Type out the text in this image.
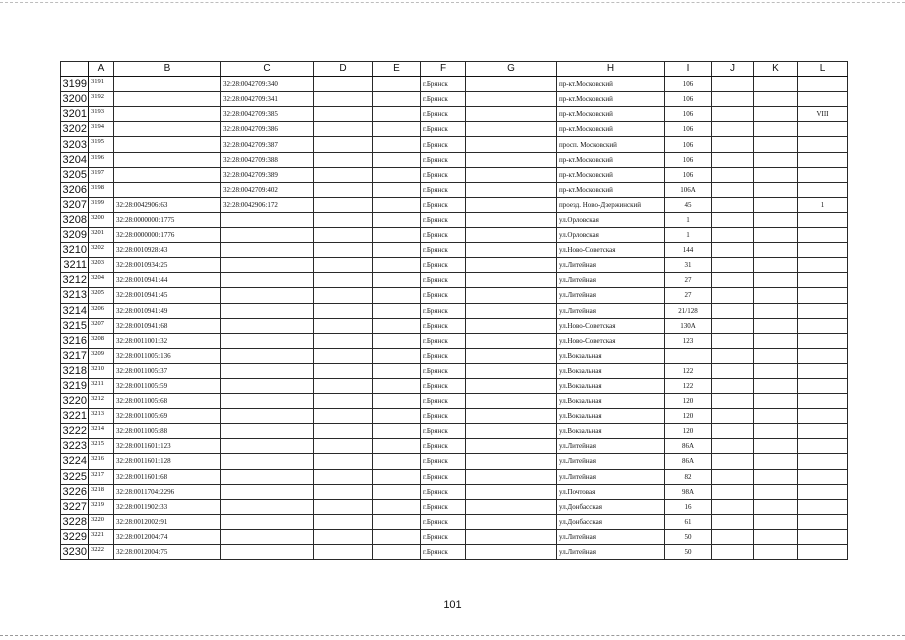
	A	B	C	D	E	F	G	H	I	J	K	L
3199	3191		32:28:0042709:340			г.Брянск		пр-кт.Московский	106			
3200	3192		32:28:0042709:341			г.Брянск		пр-кт.Московский	106			
3201	3193		32:28:0042709:385			г.Брянск		пр-кт.Московский	106			VIII
3202	3194		32:28:0042709:386			г.Брянск		пр-кт.Московский	106			
3203	3195		32:28:0042709:387			г.Брянск		просп. Московский	106			
3204	3196		32:28:0042709:388			г.Брянск		пр-кт.Московский	106			
3205	3197		32:28:0042709:389			г.Брянск		пр-кт.Московский	106			
3206	3198		32:28:0042709:402			г.Брянск		пр-кт.Московский	106А			
3207	3199	32:28:0042906:63	32:28:0042906:172			г.Брянск		проезд. Ново-Дзержинский	45			1
3208	3200	32:28:0000000:1775				г.Брянск		ул.Орловская	1			
3209	3201	32:28:0000000:1776				г.Брянск		ул.Орловская	1			
3210	3202	32:28:0010928:43				г.Брянск		ул.Ново-Советская	144			
3211	3203	32:28:0010934:25				г.Брянск		ул.Литейная	31			
3212	3204	32:28:0010941:44				г.Брянск		ул.Литейная	27			
3213	3205	32:28:0010941:45				г.Брянск		ул.Литейная	27			
3214	3206	32:28:0010941:49				г.Брянск		ул.Литейная	21/128			
3215	3207	32:28:0010941:68				г.Брянск		ул.Ново-Советская	130А			
3216	3208	32:28:0011001:32				г.Брянск		ул.Ново-Советская	123			
3217	3209	32:28:0011005:136				г.Брянск		ул.Вокзальная				
3218	3210	32:28:0011005:37				г.Брянск		ул.Вокзальная	122			
3219	3211	32:28:0011005:59				г.Брянск		ул.Вокзальная	122			
3220	3212	32:28:0011005:68				г.Брянск		ул.Вокзальная	120			
3221	3213	32:28:0011005:69				г.Брянск		ул.Вокзальная	120			
3222	3214	32:28:0011005:88				г.Брянск		ул.Вокзальная	120			
3223	3215	32:28:0011601:123				г.Брянск		ул.Литейная	86А			
3224	3216	32:28:0011601:128				г.Брянск		ул.Литейная	86А			
3225	3217	32:28:0011601:68				г.Брянск		ул.Литейная	82			
3226	3218	32:28:0011704:2296				г.Брянск		ул.Почтовая	98А			
3227	3219	32:28:0011902:33				г.Брянск		ул.Донбасская	16			
3228	3220	32:28:0012002:91				г.Брянск		ул.Донбасская	61			
3229	3221	32:28:0012004:74				г.Брянск		ул.Литейная	50			
3230	3222	32:28:0012004:75				г.Брянск		ул.Литейная	50			
101
